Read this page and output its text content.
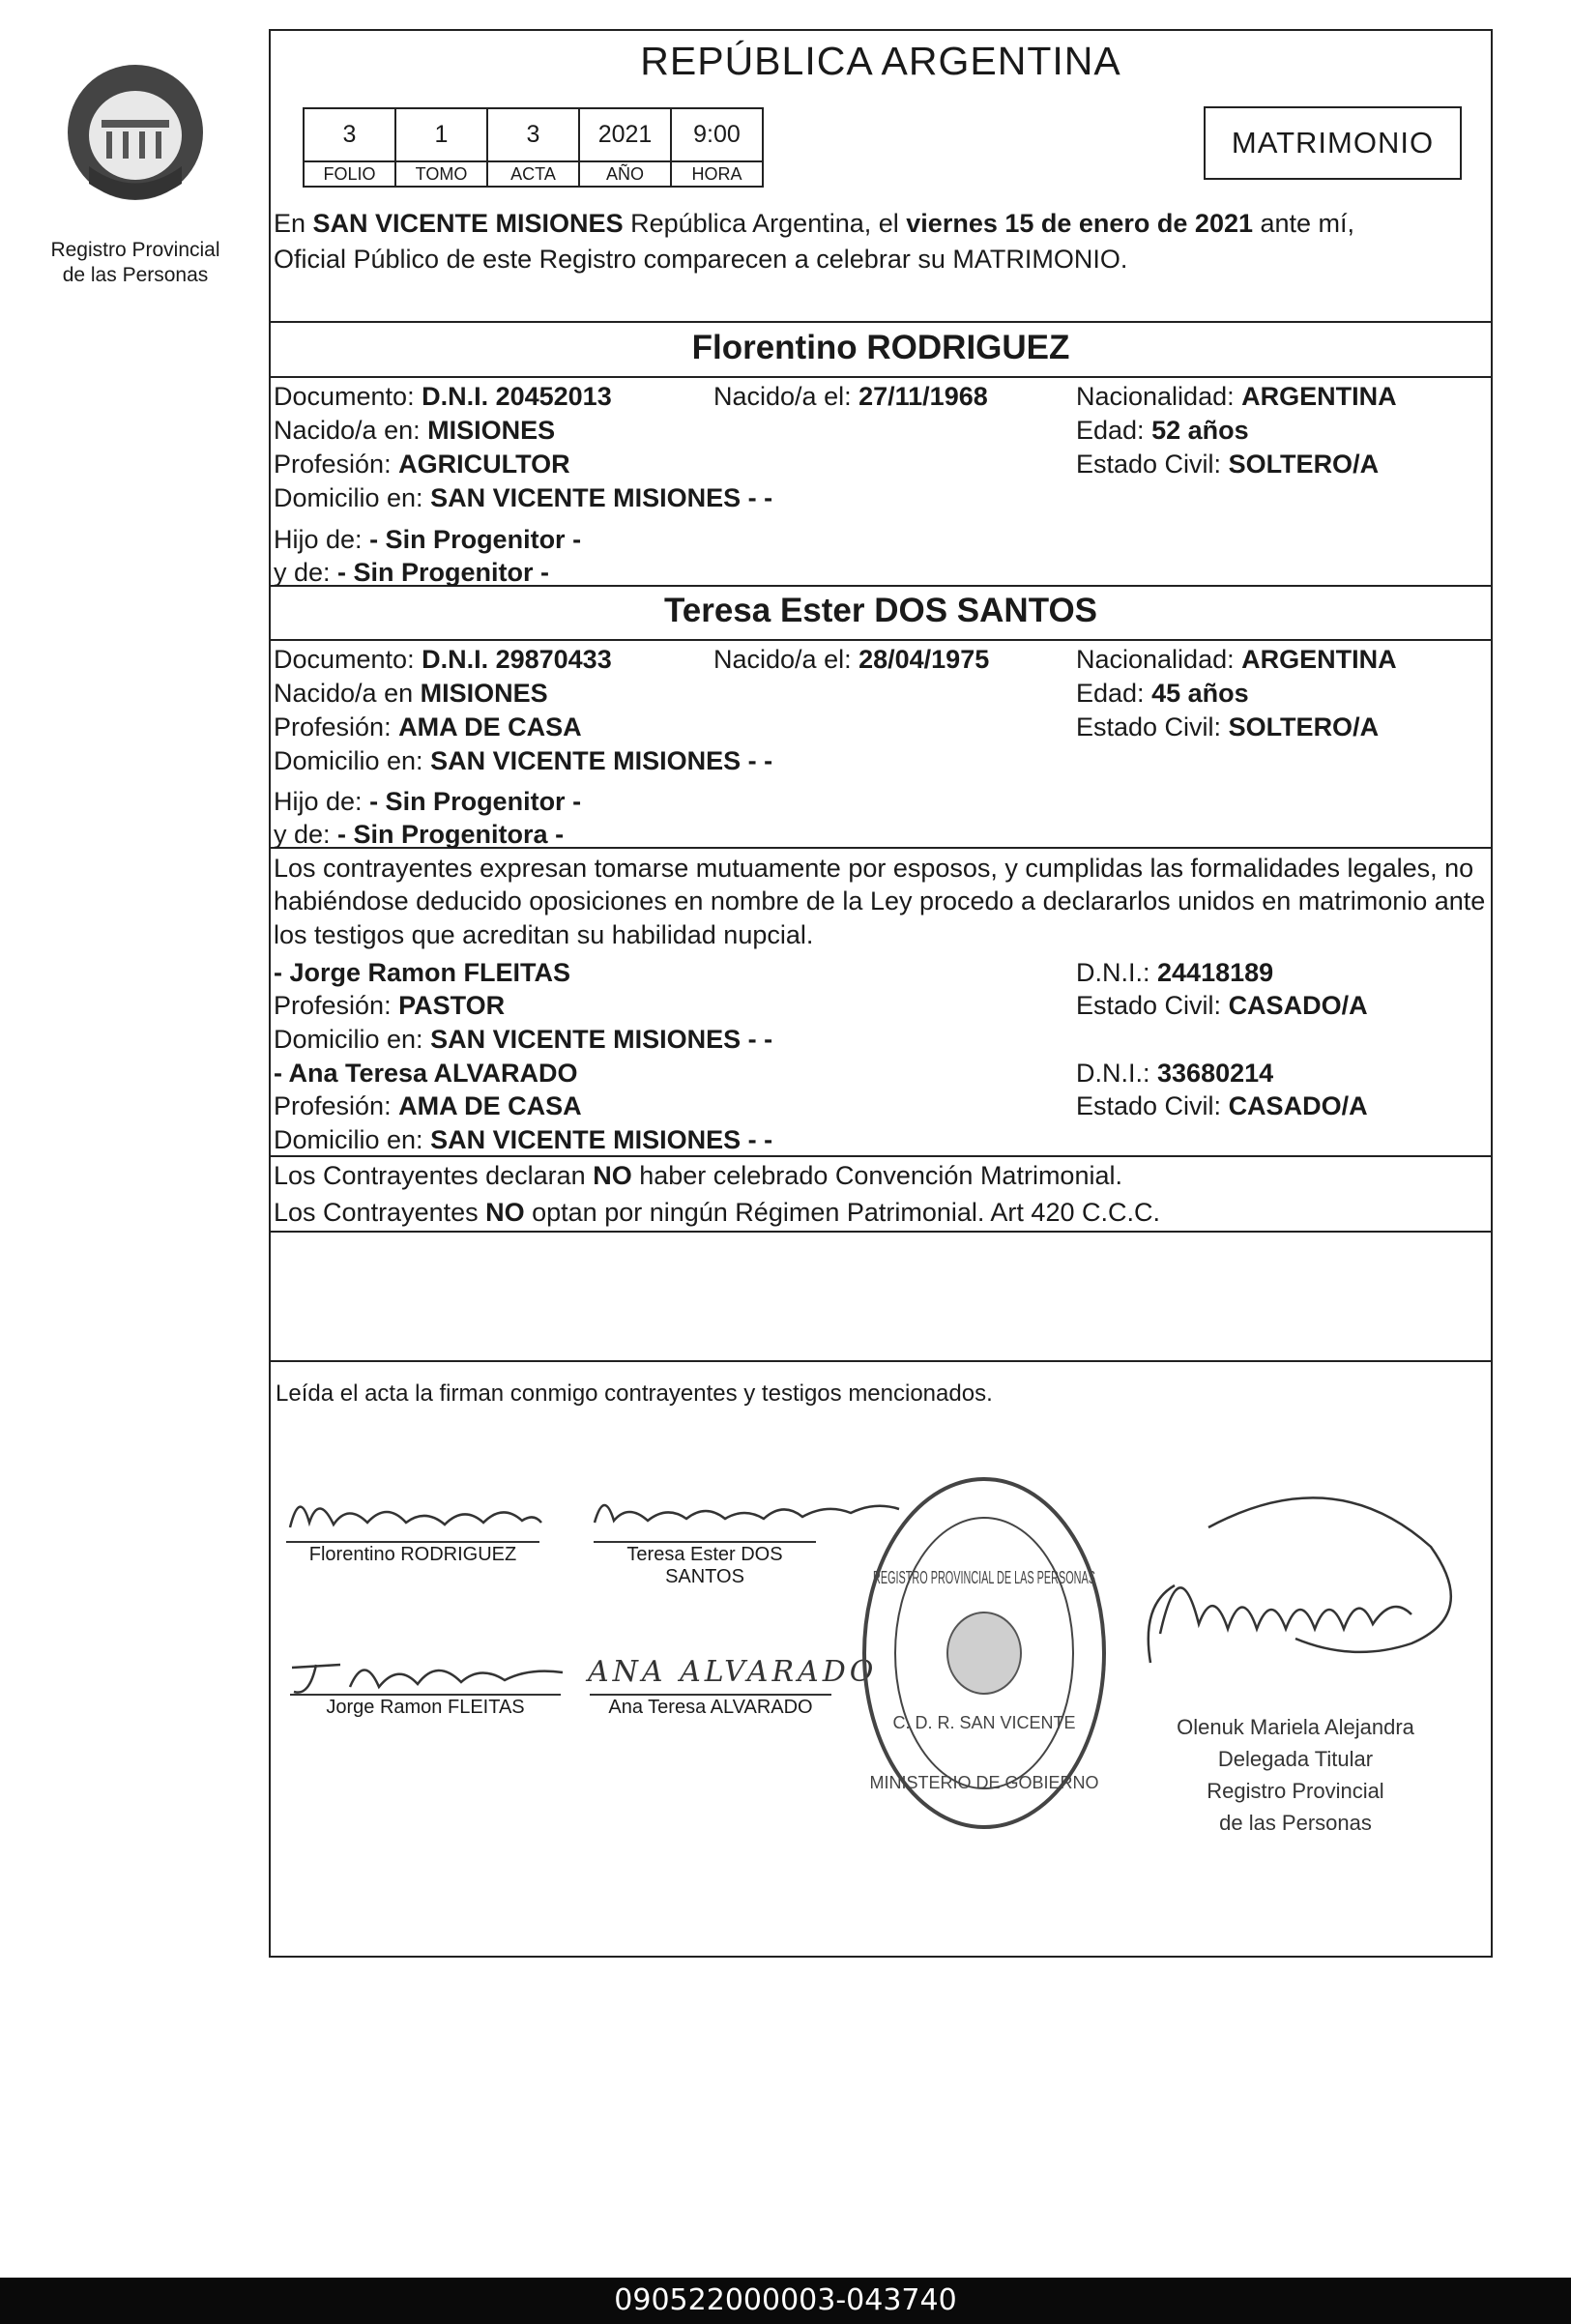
Registro Provincial
de las Personas
REPÚBLICA ARGENTINA
3	1	3	2021	9:00
FOLIO	TOMO	ACTA	AÑO	HORA
MATRIMONIO
En SAN VICENTE MISIONES República Argentina, el viernes 15 de enero de 2021 ante mí,
Oficial Público de este Registro comparecen a celebrar su MATRIMONIO.
Florentino RODRIGUEZ
Documento: D.N.I. 20452013	Nacido/a el: 27/11/1968	Nacionalidad: ARGENTINA
Nacido/a en: MISIONES	Edad: 52 años
Profesión: AGRICULTOR	Estado Civil: SOLTERO/A
Domicilio en: SAN VICENTE MISIONES - -
Hijo de: - Sin Progenitor -
y de: - Sin Progenitor -
Teresa Ester DOS SANTOS
Documento: D.N.I. 29870433	Nacido/a el: 28/04/1975	Nacionalidad: ARGENTINA
Nacido/a en MISIONES	Edad: 45 años
Profesión: AMA DE CASA	Estado Civil: SOLTERO/A
Domicilio en: SAN VICENTE MISIONES - -
Hijo de: - Sin Progenitor -
y de: - Sin Progenitora -
Los contrayentes expresan tomarse mutuamente por esposos, y cumplidas las formalidades legales, no
habiéndose deducido oposiciones en nombre de la Ley procedo a declararlos unidos en matrimonio ante
los testigos que acreditan su habilidad nupcial.
- Jorge Ramon FLEITAS	D.N.I.: 24418189
Profesión: PASTOR	Estado Civil: CASADO/A
Domicilio en: SAN VICENTE MISIONES - -
- Ana Teresa ALVARADO	D.N.I.: 33680214
Profesión: AMA DE CASA	Estado Civil: CASADO/A
Domicilio en: SAN VICENTE MISIONES - -
Los Contrayentes declaran NO haber celebrado Convención Matrimonial.
Los Contrayentes NO optan por ningún Régimen Patrimonial. Art 420 C.C.C.
Leída el acta la firman conmigo contrayentes y testigos mencionados.
Florentino RODRIGUEZ	Teresa Ester DOS
SANTOS
Jorge Ramon FLEITAS
ANA ALVARADO
Ana Teresa ALVARADO
REGISTRO PROVINCIAL DE LAS PERSONAS
C. D. R. SAN VICENTE
MINISTERIO DE GOBIERNO
Olenuk Mariela Alejandra
Delegada Titular
Registro Provincial
de las Personas
090522000003-043740
